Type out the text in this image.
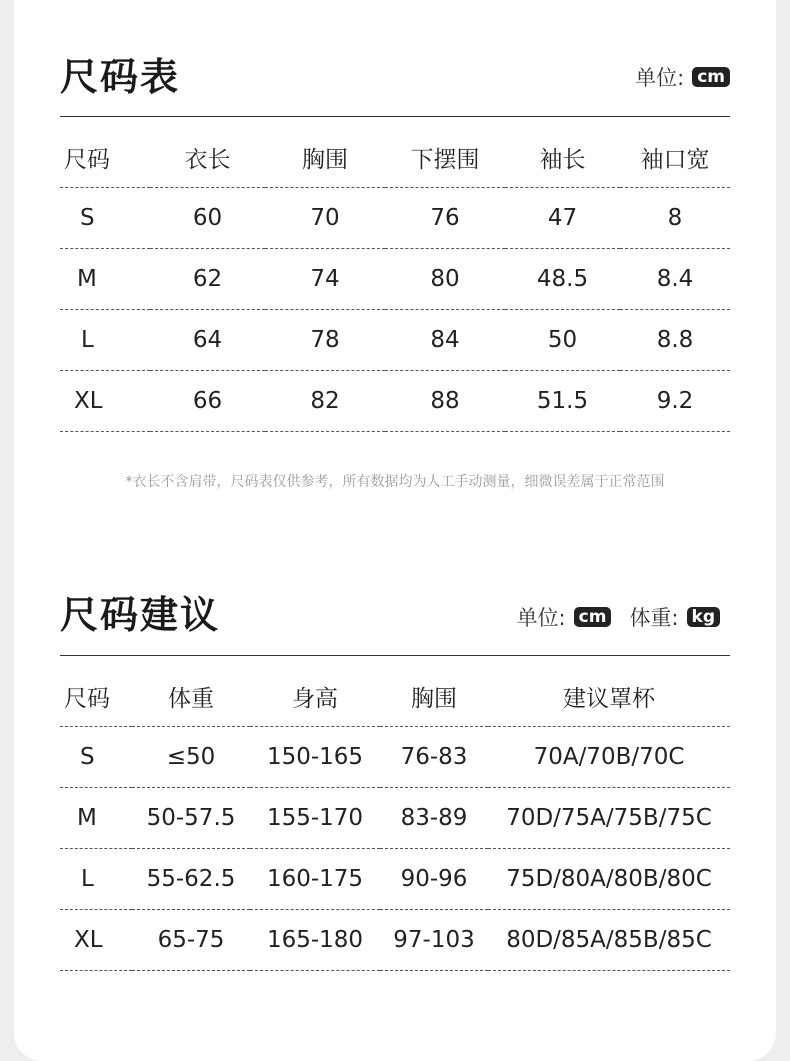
尺码表	单位: cm
尺码	衣长	胸围	下摆围	袖长	袖口宽
S	60	70	76	47	8
M	62	74	80	48.5	8.4
L	64	78	84	50	8.8
XL	66	82	88	51.5	9.2

*衣长不含肩带，尺码表仅供参考，所有数据均为人工手动测量，细微误差属于正常范围

尺码建议	单位: cm 体重: kg
尺码	体重	身高	胸围	建议罩杯
S	≤50	150-165	76-83	70A/70B/70C
M	50-57.5	155-170	83-89	70D/75A/75B/75C
L	55-62.5	160-175	90-96	75D/80A/80B/80C
XL	65-75	165-180	97-103	80D/85A/85B/85C
